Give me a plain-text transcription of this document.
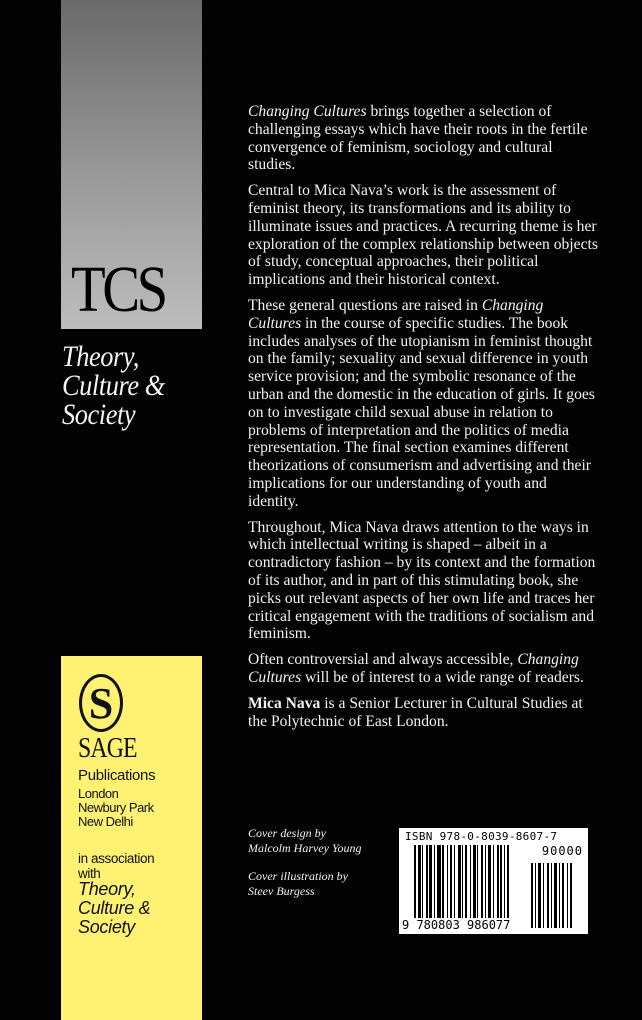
TCS
Theory,
Culture &
Society

Changing Cultures brings together a selection of challenging essays which have their roots in the fertile convergence of feminism, sociology and cultural studies.

Central to Mica Nava’s work is the assessment of feminist theory, its transformations and its ability to illuminate issues and practices. A recurring theme is her exploration of the complex relationship between objects of study, conceptual approaches, their political implications and their historical context.

These general questions are raised in Changing Cultures in the course of specific studies. The book includes analyses of the utopianism in feminist thought on the family; sexuality and sexual difference in youth service provision; and the symbolic resonance of the urban and the domestic in the education of girls. It goes on to investigate child sexual abuse in relation to problems of interpretation and the politics of media representation. The final section examines different theorizations of consumerism and advertising and their implications for our understanding of youth and identity.

Throughout, Mica Nava draws attention to the ways in which intellectual writing is shaped – albeit in a contradictory fashion – by its context and the formation of its author, and in part of this stimulating book, she picks out relevant aspects of her own life and traces her critical engagement with the traditions of socialism and feminism.

Often controversial and always accessible, Changing Cultures will be of interest to a wide range of readers.

Mica Nava is a Senior Lecturer in Cultural Studies at the Polytechnic of East London.

Cover design by
Malcolm Harvey Young

Cover illustration by
Steev Burgess

ISBN 978-0-8039-8607-7
90000
9 780803 986077
S
SAGE
Publications
London
Newbury Park
New Delhi
in association
with
Theory,
Culture &
Society
